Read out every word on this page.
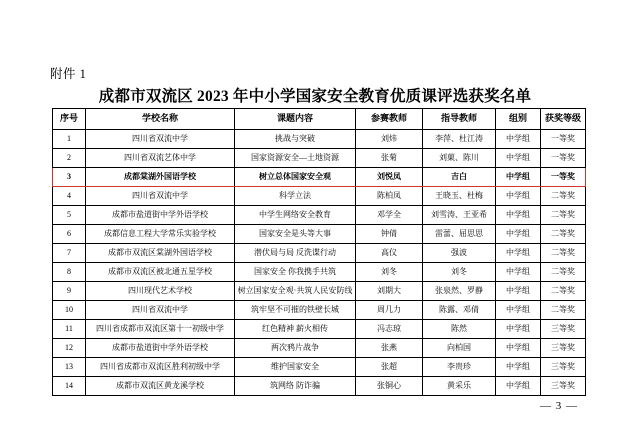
附件 1
成都市双流区 2023 年中小学国家安全教育优质课评选获奖名单
序号	学校名称	课题内容	参赛教师	指导教师	组别	获奖等级
1	四川省双流中学	挑战与突破	刘炜	李萍、杜江涛	中学组	一等奖
2	四川省双流艺体中学	国家资源安全—土地资源	张菊	刘菓、陈川	中学组	一等奖
3	成都棠湖外国语学校	树立总体国家安全观	刘悦凤	吉白	中学组	一等奖
4	四川省双流中学	科学立法	陈柏凤	王晓玉、杜梅	中学组	二等奖
5	成都市盐道街中学外语学校	中学生网络安全教育	邓学全	刘雪涛、王亚希	中学组	二等奖
6	成都信息工程大学常乐实验学校	国家安全是头等大事	钟倩	雷蕾、屈思思	中学组	二等奖
7	成都市双流区棠湖外国语学校	潜伏局与局 反洗谍行动	高仪	强波	中学组	二等奖
8	成都市双流区被北通五星学校	国家安全 你我携手共筑	刘冬	刘冬	中学组	二等奖
9	四川现代艺术学校	树立国家安全观·共筑人民安防线	刘期大	张泉然、罗静	中学组	二等奖
10	四川省双流中学	筑牢坚不可摧的铁壁长城	周几力	陈露、邓倩	中学组	二等奖
11	四川省成都市双流区第十一初级中学	红色精神 薪火相传	冯志琼	陈然	中学组	三等奖
12	成都市盐道街中学外语学校	两次鸦片战争	张燕	向柏国	中学组	三等奖
13	四川省成都市双流区胜利初级中学	维护国家安全	张超	李贵珍	中学组	三等奖
14	成都市双流区黄龙溪学校	筑网络 防诈骗	张铜心	黄采乐	中学组	三等奖
— 3 —
